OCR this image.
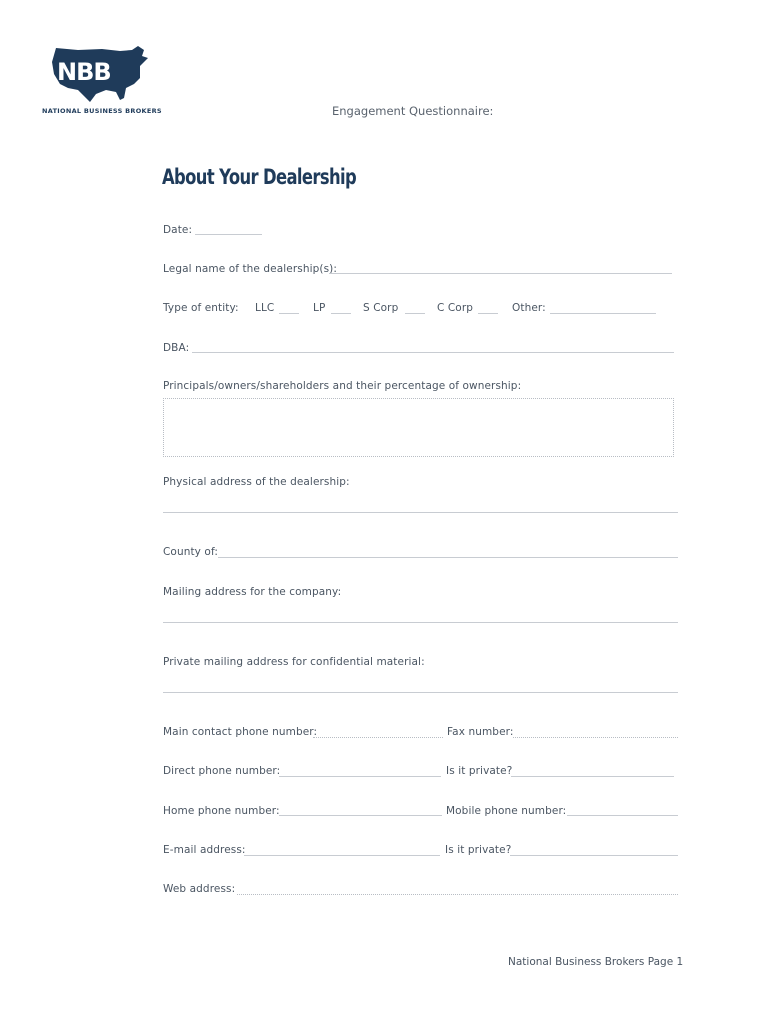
NBB
NATIONAL BUSINESS BROKERS	Engagement Questionnaire:
About Your Dealership
Date:
Legal name of the dealership(s):
Type of entity: LLC	LP	S Corp	C Corp	Other:
DBA:
Principals/owners/shareholders and their percentage of ownership:
Physical address of the dealership:
County of:
Mailing address for the company:
Private mailing address for confidential material:
Main contact phone number:	Fax number:
Direct phone number:	Is it private?
Home phone number:	Mobile phone number:
E-mail address:	Is it private?
Web address:
National Business Brokers Page 1
